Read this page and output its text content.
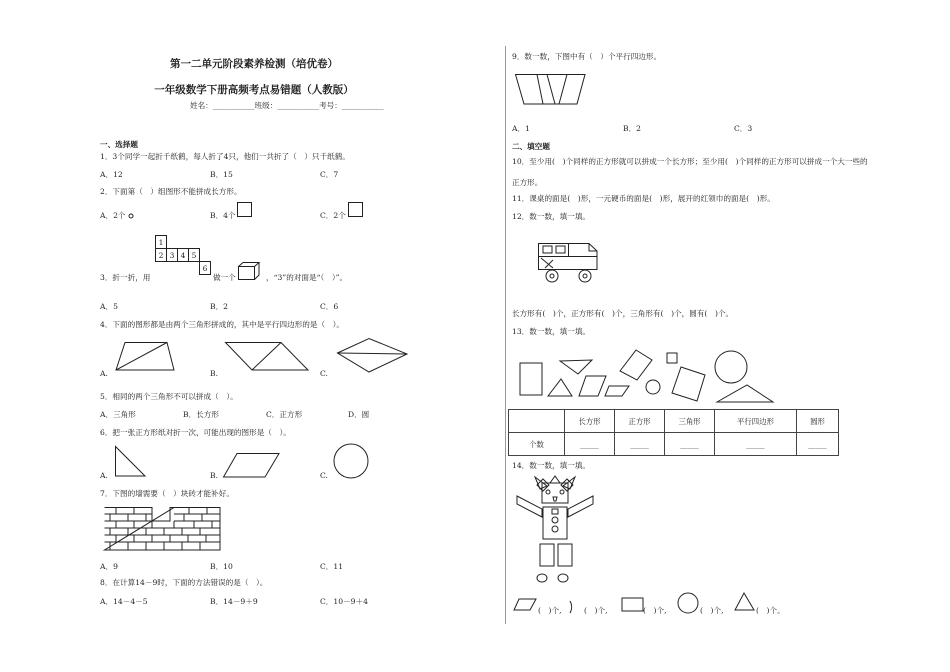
第一二单元阶段素养检测（培优卷）
一年级数学下册高频考点易错题（人教版）
姓名：___________班级：___________考号：___________
一、选择题
1．3个同学一起折千纸鹤，每人折了4只，他们一共折了（　）只千纸鹤。
A．12	B．15	C．7
2．下面第（　）组图形不能拼成长方形。
A．2个	B．4个	C．2个
1
2 3 4 5
6
3．折一折，用	做一个	，“3”的对面是“（　）”。
A．5	B．2	C．6
4．下面的图形都是由两个三角形拼成的，其中是平行四边形的是（　）。
A.	B.	C.
5．相同的两个三角形不可以拼成（　）。
A．三角形	B．长方形	C．正方形	D．圆
6．把一张正方形纸对折一次，可能出现的图形是（　）。
A.	B.	C.
7．下图的墙需要（　）块砖才能补好。
A．9	B．10	C．11
8．在计算14－9时，下面的方法错误的是（　）。
A．14－4－5	B．14－9＋9	C．10－9＋4
9．数一数，下图中有（　）个平行四边形。
A．1	B．2	C．3
二、填空题
10．至少用(　)个同样的正方形就可以拼成一个长方形；至少用(　)个同样的正方形可以拼成一个大一些的
正方形。
11．课桌的面是(　)形，一元硬币的面是(　)形，展开的红领巾的面是(　)形。
12．数一数，填一填。
长方形有(　)个，正方形有(　)个，三角形有(　)个，圆有(　)个。
13．数一数，填一填。
	长方形	正方形	三角形	平行四边形	圆形
个数	_____	_____	_____	_____	_____
14．数一数，填一填。
(　)个,	(　)个,	(　)个,	(　)个,	(　)个。
